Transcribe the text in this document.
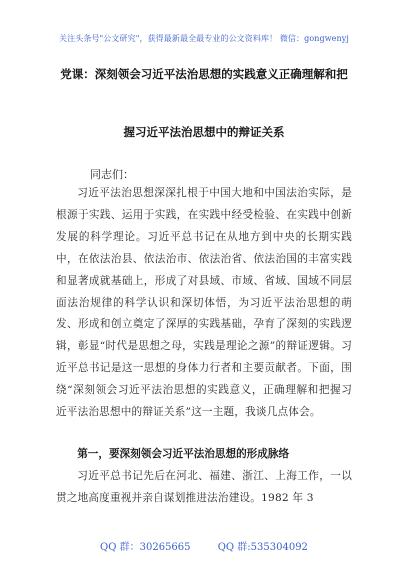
关注头条号"公文研究"，获得最新最全最专业的公文资料库！ 微信：gongwenyj
党课：深刻领会习近平法治思想的实践意义正确理解和把
握习近平法治思想中的辩证关系
同志们：

习近平法治思想深深扎根于中国大地和中国法治实际，是根源于实践、运用于实践，在实践中经受检验、在实践中创新发展的科学理论。习近平总书记在从地方到中央的长期实践中，在依法治县、依法治市、依法治省、依法治国的丰富实践和显著成就基础上，形成了对县域、市域、省域、国域不同层面法治规律的科学认识和深切体悟，为习近平法治思想的萌发、形成和创立奠定了深厚的实践基础，孕育了深刻的实践逻辑，彰显“时代是思想之母，实践是理论之源”的辩证逻辑。习近平总书记是这一思想的身体力行者和主要贡献者。下面，围绕“深刻领会习近平法治思想的实践意义，正确理解和把握习近平法治思想中的辩证关系”这一主题，我谈几点体会。

第一，要深刻领会习近平法治思想的形成脉络

习近平总书记先后在河北、福建、浙江、上海工作，一以贯之地高度重视并亲自谋划推进法治建设。1982 年 3

QQ 群：30265665	QQ 群:535304092
